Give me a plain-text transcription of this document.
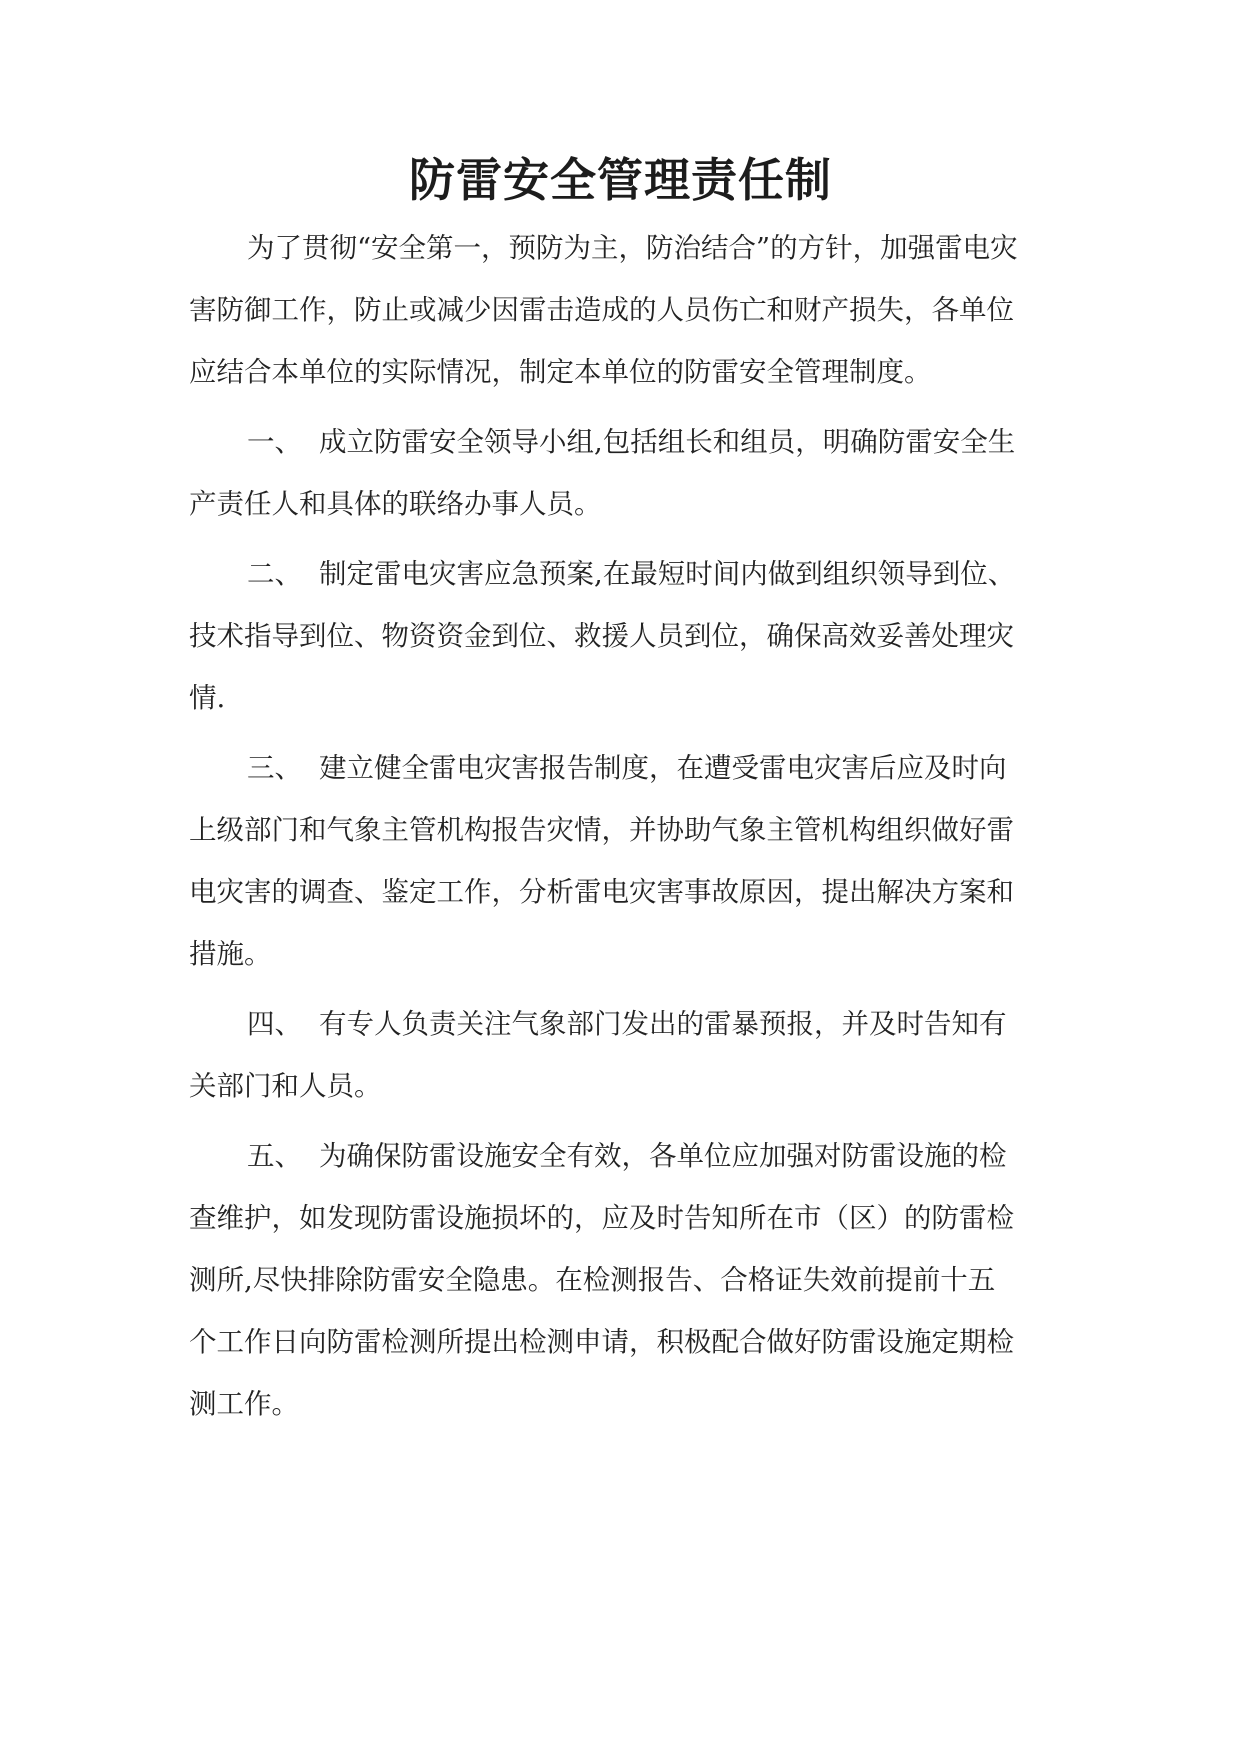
防雷安全管理责任制

为了贯彻“安全第一，预防为主，防治结合”的方针，加强雷电灾

害防御工作，防止或减少因雷击造成的人员伤亡和财产损失，各单位

应结合本单位的实际情况，制定本单位的防雷安全管理制度。

一、 成立防雷安全领导小组,包括组长和组员，明确防雷安全生

产责任人和具体的联络办事人员。

二、 制定雷电灾害应急预案,在最短时间内做到组织领导到位、

技术指导到位、物资资金到位、救援人员到位，确保高效妥善处理灾

情.

三、 建立健全雷电灾害报告制度，在遭受雷电灾害后应及时向

上级部门和气象主管机构报告灾情，并协助气象主管机构组织做好雷

电灾害的调查、鉴定工作，分析雷电灾害事故原因，提出解决方案和

措施。

四、 有专人负责关注气象部门发出的雷暴预报，并及时告知有

关部门和人员。

五、 为确保防雷设施安全有效，各单位应加强对防雷设施的检

查维护，如发现防雷设施损坏的，应及时告知所在市（区）的防雷检

测所,尽快排除防雷安全隐患。在检测报告、合格证失效前提前十五

个工作日向防雷检测所提出检测申请，积极配合做好防雷设施定期检

测工作。
